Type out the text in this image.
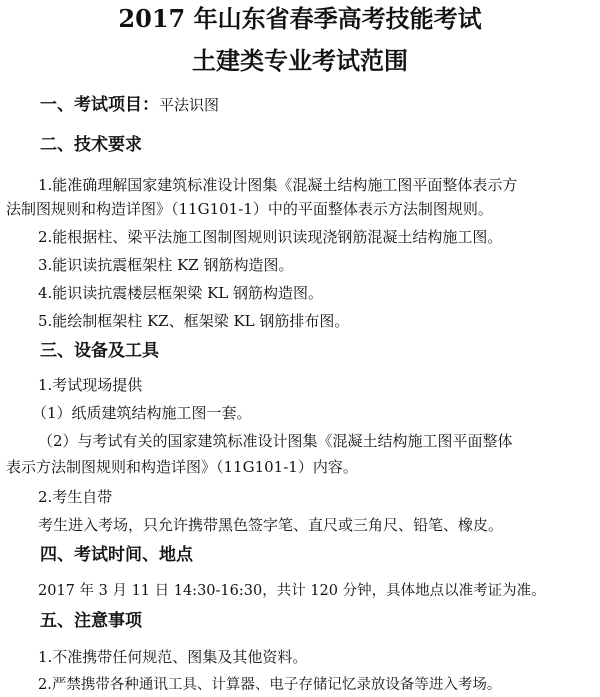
2017 年山东省春季高考技能考试
土建类专业考试范围

一、考试项目：平法识图

二、技术要求

1.能准确理解国家建筑标准设计图集《混凝土结构施工图平面整体表示方

法制图规则和构造详图》（11G101-1）中的平面整体表示方法制图规则。

2.能根据柱、梁平法施工图制图规则识读现浇钢筋混凝土结构施工图。

3.能识读抗震框架柱 KZ 钢筋构造图。

4.能识读抗震楼层框架梁 KL 钢筋构造图。

5.能绘制框架柱 KZ、框架梁 KL 钢筋排布图。

三、设备及工具

1.考试现场提供

（1）纸质建筑结构施工图一套。

（2）与考试有关的国家建筑标准设计图集《混凝土结构施工图平面整体

表示方法制图规则和构造详图》（11G101-1）内容。

2.考生自带

考生进入考场，只允许携带黑色签字笔、直尺或三角尺、铅笔、橡皮。

四、考试时间、地点

2017 年 3 月 11 日 14:30-16:30，共计 120 分钟，具体地点以准考证为准。

五、注意事项

1.不准携带任何规范、图集及其他资料。

2.严禁携带各种通讯工具、计算器、电子存储记忆录放设备等进入考场。
